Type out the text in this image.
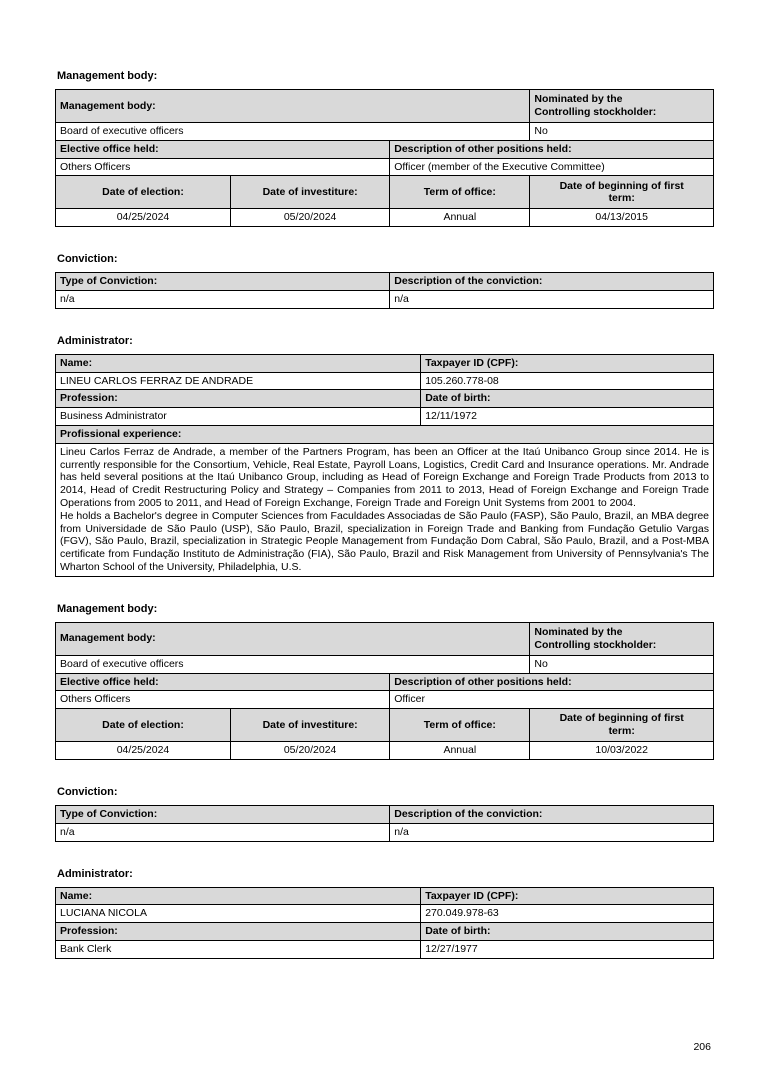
Management body:
Management body:			Nominated by the
Controlling stockholder:

Board of executive officers			No
Elective office held:		Description of other positions held:	
Others Officers		Officer (member of the Executive Committee)	
Date of election:	Date of investiture:	Term of office:	Date of beginning of first
term:

04/25/2024	05/20/2024	Annual	04/13/2015
Conviction:
Type of Conviction:	Description of the conviction:
n/a	n/a
Administrator:
Name:	Taxpayer ID (CPF):
LINEU CARLOS FERRAZ DE ANDRADE	105.260.778-08
Profession:	Date of birth:
Business Administrator	12/11/1972
Profissional experience:	

Lineu Carlos Ferraz de Andrade, a member of the Partners Program, has been an Officer at the Itaú Unibanco Group since 2014. He is currently responsible for the Consortium, Vehicle, Real Estate, Payroll Loans, Logistics, Credit Card and Insurance operations. Mr. Andrade has held several positions at the Itaú Unibanco Group, including as Head of Foreign Exchange and Foreign Trade Products from 2013 to 2014, Head of Credit Restructuring Policy and Strategy – Companies from 2011 to 2013, Head of Foreign Exchange and Foreign Trade Operations from 2005 to 2011, and Head of Foreign Exchange, Foreign Trade and Foreign Unit Systems from 2001 to 2004.

He holds a Bachelor's degree in Computer Sciences from Faculdades Associadas de São Paulo (FASP), São Paulo, Brazil, an MBA degree from Universidade de São Paulo (USP), São Paulo, Brazil, specialization in Foreign Trade and Banking from Fundação Getulio Vargas (FGV), São Paulo, Brazil, specialization in Strategic People Management from Fundação Dom Cabral, São Paulo, Brazil, and a Post-MBA certificate from Fundação Instituto de Administração (FIA), São Paulo, Brazil and Risk Management from University of Pennsylvania's The Wharton School of the University, Philadelphia, U.S.	

Management body:
Management body:			Nominated by the
Controlling stockholder:

Board of executive officers			No
Elective office held:		Description of other positions held:	
Others Officers		Officer	
Date of election:	Date of investiture:	Term of office:	Date of beginning of first
term:

04/25/2024	05/20/2024	Annual	10/03/2022
Conviction:
Type of Conviction:	Description of the conviction:
n/a	n/a
Administrator:
Name:	Taxpayer ID (CPF):
LUCIANA NICOLA	270.049.978-63
Profession:	Date of birth:
Bank Clerk	12/27/1977
206
